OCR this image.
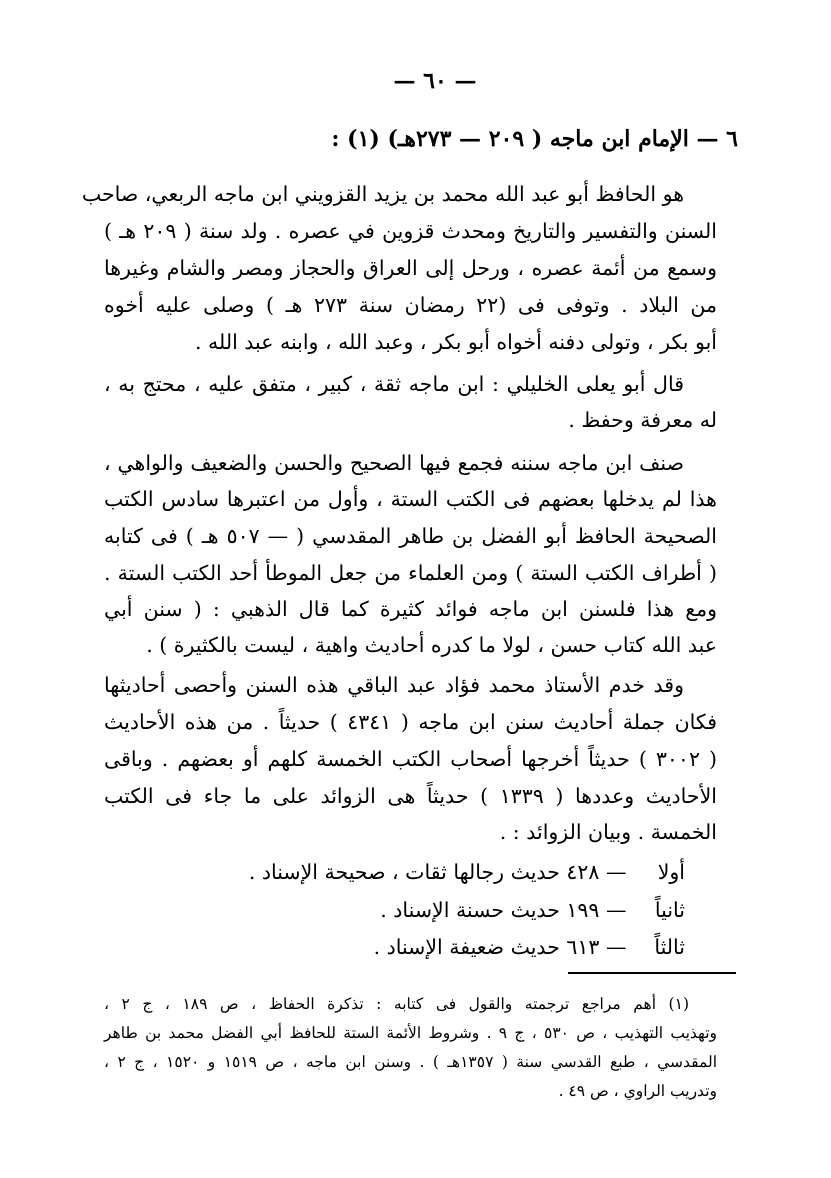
— ٦٠ —
٦ — الإمام ابن ماجه ( ٢٠٩ — ٢٧٣هـ) (١) :
هو الحافظ أبو عبد الله محمد بن يزيد القزويني ابن ماجه الربعي، صاحب
السنن والتفسير والتاريخ ومحدث قزوين في عصره . ولد سنة ( ٢٠٩ هـ )
وسمع من أئمة عصره ، ورحل إلى العراق والحجاز ومصر والشام وغيرها
من البلاد . وتوفى فى (٢٢ رمضان سنة ٢٧٣ هـ ) وصلى عليه أخوه
أبو بكر ، وتولى دفنه أخواه أبو بكر ، وعبد الله ، وابنه عبد الله .
قال أبو يعلى الخليلي : ابن ماجه ثقة ، كبير ، متفق عليه ، محتج به ،
له معرفة وحفظ .
صنف ابن ماجه سننه فجمع فيها الصحيح والحسن والضعيف والواهي ،
هذا لم يدخلها بعضهم فى الكتب الستة ، وأول من اعتبرها سادس الكتب
الصحيحة الحافظ أبو الفضل بن طاهر المقدسي ( — ٥٠٧ هـ ) فى كتابه
( أطراف الكتب الستة ) ومن العلماء من جعل الموطأ أحد الكتب الستة .
ومع هذا فلسنن ابن ماجه فوائد كثيرة كما قال الذهبي : ( سنن أبي
عبد الله كتاب حسن ، لولا ما كدره أحاديث واهية ، ليست بالكثيرة ) .
وقد خدم الأستاذ محمد فؤاد عبد الباقي هذه السنن وأحصى أحاديثها
فكان جملة أحاديث سنن ابن ماجه ( ٤٣٤١ ) حديثاً . من هذه الأحاديث
( ٣٠٠٢ ) حديثاً أخرجها أصحاب الكتب الخمسة كلهم أو بعضهم . وباقى
الأحاديث وعددها ( ١٣٣٩ ) حديثاً هى الزوائد على ما جاء فى الكتب
الخمسة . وبيان الزوائد : .
أولا — ٤٢٨ حديث رجالها ثقات ، صحيحة الإسناد .
ثانياً — ١٩٩ حديث حسنة الإسناد .
ثالثاً — ٦١٣ حديث ضعيفة الإسناد .
(١) أهم مراجع ترجمته والقول فى كتابه : تذكرة الحفاظ ، ص ١٨٩ ، ج ٢ ،
وتهذيب التهذيب ، ص ٥٣٠ ، ج ٩ . وشروط الأئمة الستة للحافظ أبي الفضل محمد بن طاهر
المقدسي ، طبع القدسي سنة ( ١٣٥٧هـ ) . وسنن ابن ماجه ، ص ١٥١٩ و ١٥٢٠ ، ج ٢ ،
وتدريب الراوي ، ص ٤٩ .
